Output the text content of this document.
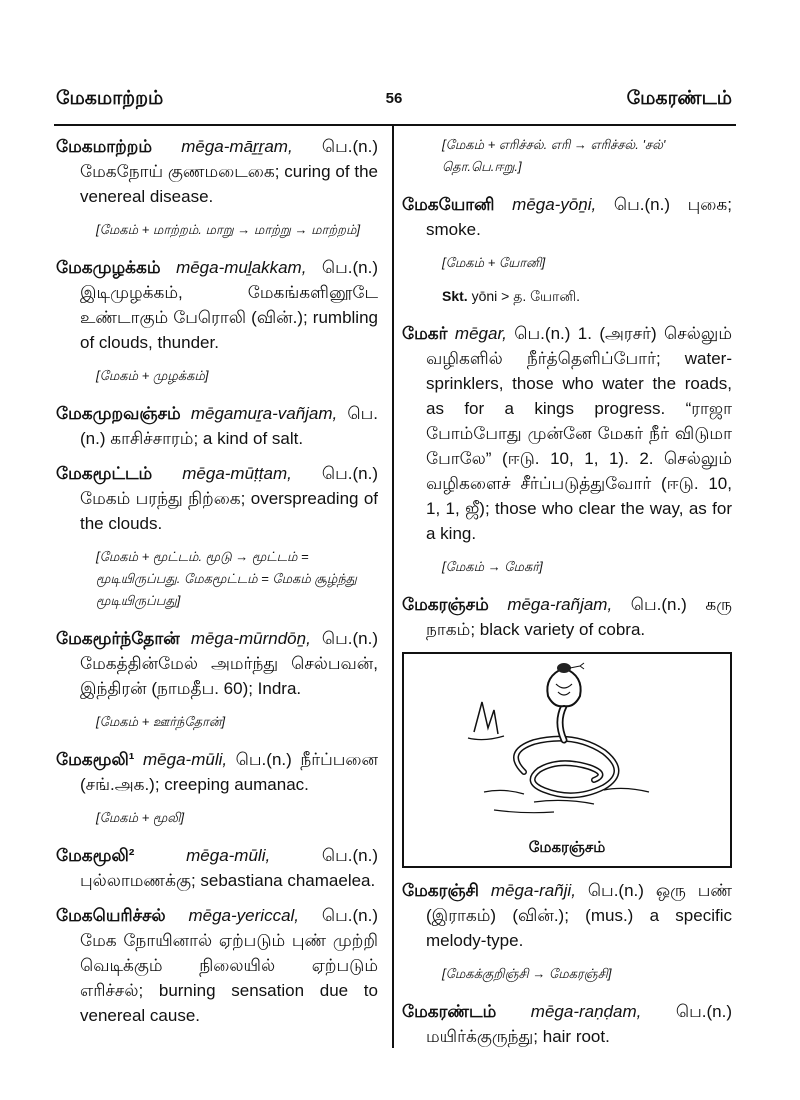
மேகமாற்றம்	56	மேகரண்டம்

மேகமாற்றம் mēga-māṟṟam, பெ.(n.) மேகநோய் குணமடைகை; curing of the venereal disease.

[மேகம் + மாற்றம். மாறு → மாற்று → மாற்றம்]

மேகமுழக்கம் mēga-muḻakkam, பெ.(n.) இடிமுழக்கம், மேகங்களினூடே உண்டாகும் பேரொலி (வின்.); rumbling of clouds, thunder.

[மேகம் + முழக்கம்]

மேகமுறவஞ்சம் mēgamuṟa-vañjam, பெ.(n.) காசிச்சாரம்; a kind of salt.

மேகமூட்டம் mēga-mūṭṭam, பெ.(n.) மேகம் பரந்து நிற்கை; overspreading of the clouds.

[மேகம் + மூட்டம். மூடு → மூட்டம் = மூடியிருப்பது. மேகமூட்டம் = மேகம் சூழ்ந்து மூடியிருப்பது]

மேகமூர்ந்தோன் mēga-mūrndōṉ, பெ.(n.) மேகத்தின்மேல் அமர்ந்து செல்பவன், இந்திரன் (நாமதீப. 60); Indra.

[மேகம் + ஊர்ந்தோன்]

மேகமூலி¹ mēga-mūli, பெ.(n.) நீர்ப்பனை (சங்.அக.); creeping aumanac.

[மேகம் + மூலி]

மேகமூலி²	mēga-mūli, பெ.(n.) புல்லாமணக்கு; sebastiana chamaelea.

மேகயெரிச்சல் mēga-yericcal, பெ.(n.) மேக நோயினால் ஏற்படும் புண் முற்றி வெடிக்கும் நிலையில் ஏற்படும் எரிச்சல்; burning sensation due to venereal cause.

[மேகம் + எரிச்சல். எரி → எரிச்சல். 'சல்' தொ.பெ.ஈறு.]

மேகயோனி mēga-yōṉi, பெ.(n.) புகை; smoke.

[மேகம் + யோனி]

Skt. yōni > த. யோனி.

மேகர் mēgar, பெ.(n.) 1. (அரசர்) செல்லும் வழிகளில் நீர்த்தெளிப்போர்; water-sprinklers, those who water the roads, as for a kings progress. “ராஜா போம்போது முன்னே மேகர் நீர் விடுமா போலே” (ஈடு. 10, 1, 1). 2. செல்லும் வழிகளைச் சீர்ப்படுத்துவோர் (ஈடு. 10, 1, 1, ஜீ); those who clear the way, as for a king.

[மேகம் → மேகர்]

மேகரஞ்சம் mēga-rañjam, பெ.(n.) கரு நாகம்; black variety of cobra.

மேகரஞ்சம்

மேகரஞ்சி mēga-rañji, பெ.(n.) ஒரு பண் (இராகம்) (வின்.); (mus.) a specific melody-type.

[மேகக்குறிஞ்சி → மேகரஞ்சி]

மேகரண்டம் mēga-raṇḍam, பெ.(n.) மயிர்க்குருந்து; hair root.
